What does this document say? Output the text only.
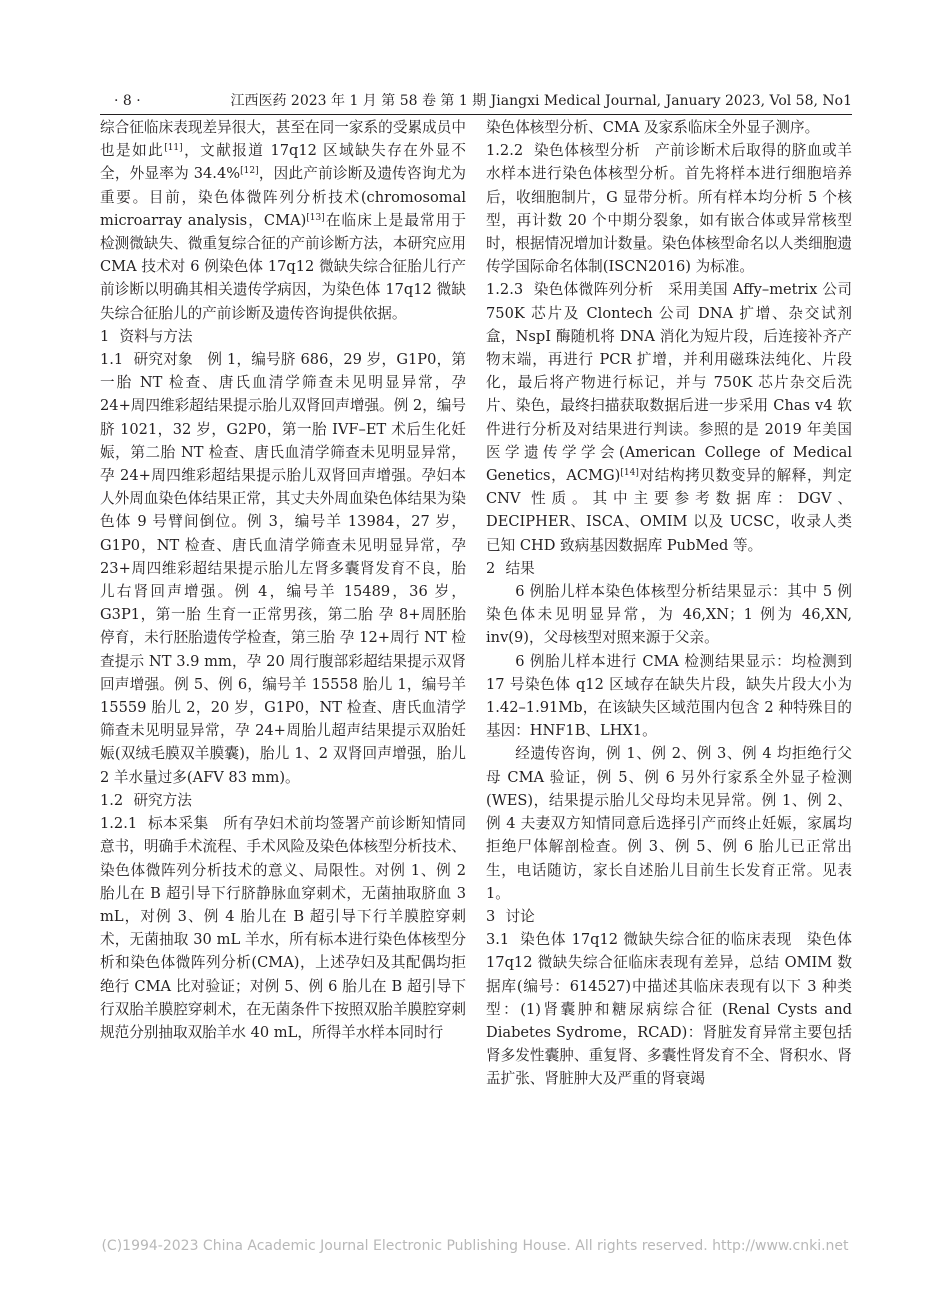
· 8 ·	江西医药 2023 年 1 月 第 58 卷 第 1 期 Jiangxi Medical Journal, January 2023, Vol 58, No1

综合征临床表现差异很大，甚至在同一家系的受累成员中也是如此[11]，文献报道 17q12 区域缺失存在外显不全，外显率为 34.4%[12]，因此产前诊断及遗传咨询尤为重要。目前，染色体微阵列分析技术(chromosomal microarray analysis，CMA)[13]在临床上是最常用于检测微缺失、微重复综合征的产前诊断方法，本研究应用 CMA 技术对 6 例染色体 17q12 微缺失综合征胎儿行产前诊断以明确其相关遗传学病因，为染色体 17q12 微缺失综合征胎儿的产前诊断及遗传咨询提供依据。

1 资料与方法

1.1 研究对象 例 1，编号脐 686，29 岁，G1P0，第一胎 NT 检查、唐氏血清学筛查未见明显异常，孕 24+周四维彩超结果提示胎儿双肾回声增强。例 2，编号脐 1021，32 岁，G2P0，第一胎 IVF–ET 术后生化妊娠，第二胎 NT 检查、唐氏血清学筛查未见明显异常，孕 24+周四维彩超结果提示胎儿双肾回声增强。孕妇本人外周血染色体结果正常，其丈夫外周血染色体结果为染色体 9 号臂间倒位。例 3，编号羊 13984，27 岁，G1P0，NT 检查、唐氏血清学筛查未见明显异常，孕 23+周四维彩超结果提示胎儿左肾多囊肾发育不良，胎儿右肾回声增强。例 4，编号羊 15489，36 岁，G3P1，第一胎 生育一正常男孩，第二胎 孕 8+周胚胎停育，未行胚胎遗传学检查，第三胎 孕 12+周行 NT 检查提示 NT 3.9 mm，孕 20 周行腹部彩超结果提示双肾回声增强。例 5、例 6，编号羊 15558 胎儿 1，编号羊 15559 胎儿 2，20 岁，G1P0，NT 检查、唐氏血清学筛查未见明显异常，孕 24+周胎儿超声结果提示双胎妊娠(双绒毛膜双羊膜囊)，胎儿 1、2 双肾回声增强，胎儿 2 羊水量过多(AFV 83 mm)。

1.2 研究方法

1.2.1 标本采集 所有孕妇术前均签署产前诊断知情同意书，明确手术流程、手术风险及染色体核型分析技术、染色体微阵列分析技术的意义、局限性。对例 1、例 2 胎儿在 B 超引导下行脐静脉血穿刺术，无菌抽取脐血 3 mL，对例 3、例 4 胎儿在 B 超引导下行羊膜腔穿刺术，无菌抽取 30 mL 羊水，所有标本进行染色体核型分析和染色体微阵列分析(CMA)，上述孕妇及其配偶均拒绝行 CMA 比对验证；对例 5、例 6 胎儿在 B 超引导下行双胎羊膜腔穿刺术，在无菌条件下按照双胎羊膜腔穿刺规范分别抽取双胎羊水 40 mL，所得羊水样本同时行

染色体核型分析、CMA 及家系临床全外显子测序。

1.2.2 染色体核型分析 产前诊断术后取得的脐血或羊水样本进行染色体核型分析。首先将样本进行细胞培养后，收细胞制片，G 显带分析。所有样本均分析 5 个核型，再计数 20 个中期分裂象，如有嵌合体或异常核型时，根据情况增加计数量。染色体核型命名以人类细胞遗传学国际命名体制(ISCN2016) 为标准。

1.2.3 染色体微阵列分析 采用美国 Affy–metrix 公司 750K 芯片及 Clontech 公司 DNA 扩增、杂交试剂盒，NspI 酶随机将 DNA 消化为短片段，后连接补齐产物末端，再进行 PCR 扩增，并利用磁珠法纯化、片段化，最后将产物进行标记，并与 750K 芯片杂交后洗片、染色，最终扫描获取数据后进一步采用 Chas v4 软件进行分析及对结果进行判读。参照的是 2019 年美国医学遗传学学会(American College of Medical Genetics，ACMG)[14]对结构拷贝数变异的解释，判定 CNV 性质。其中主要参考数据库：DGV、DECIPHER、ISCA、OMIM 以及 UCSC，收录人类已知 CHD 致病基因数据库 PubMed 等。

2 结果

6 例胎儿样本染色体核型分析结果显示：其中 5 例染色体未见明显异常，为 46,XN；1 例为 46,XN, inv(9)，父母核型对照来源于父亲。

6 例胎儿样本进行 CMA 检测结果显示：均检测到 17 号染色体 q12 区域存在缺失片段，缺失片段大小为 1.42–1.91Mb，在该缺失区域范围内包含 2 种特殊目的基因：HNF1B、LHX1。

经遗传咨询，例 1、例 2、例 3、例 4 均拒绝行父母 CMA 验证，例 5、例 6 另外行家系全外显子检测(WES)，结果提示胎儿父母均未见异常。例 1、例 2、例 4 夫妻双方知情同意后选择引产而终止妊娠，家属均拒绝尸体解剖检查。例 3、例 5、例 6 胎儿已正常出生，电话随访，家长自述胎儿目前生长发育正常。见表 1。

3 讨论

3.1 染色体 17q12 微缺失综合征的临床表现 染色体 17q12 微缺失综合征临床表现有差异，总结 OMIM 数据库(编号：614527)中描述其临床表现有以下 3 种类型：(1)肾囊肿和糖尿病综合征 (Renal Cysts and Diabetes Sydrome，RCAD)：肾脏发育异常主要包括肾多发性囊肿、重复肾、多囊性肾发育不全、肾积水、肾盂扩张、肾脏肿大及严重的肾衰竭

(C)1994-2023 China Academic Journal Electronic Publishing House. All rights reserved. http://www.cnki.net
